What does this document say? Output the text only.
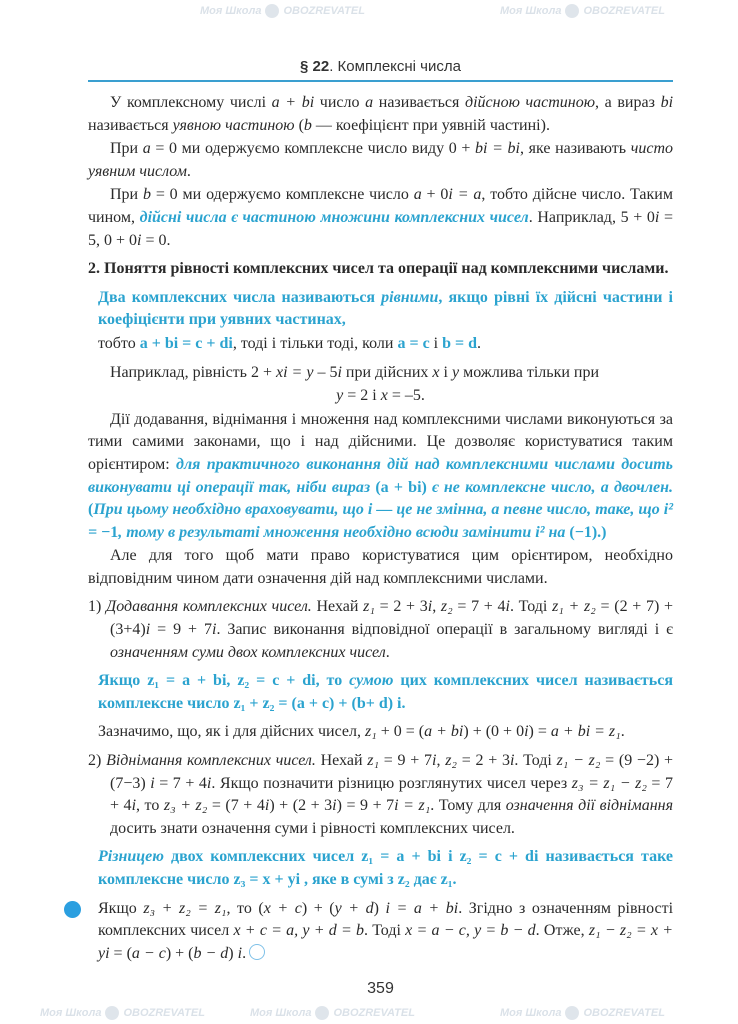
Моя Школа OBOZREVATEL	Моя Школа OBOZREVATEL
Моя Школа OBOZREVATEL	Моя Школа OBOZREVATEL	Моя Школа OBOZREVATEL
§ 22. Комплексні числа

У комплексному числі a + bi число a називається дійсною частиною, а вираз bi називається уявною частиною (b — коефіцієнт при уявній частині).

При a = 0 ми одержуємо комплексне число виду 0 + bi = bi, яке називають чисто уявним числом.

При b = 0 ми одержуємо комплексне число a + 0i = a, тобто дійсне число. Таким чином, дійсні числа є частиною множини комплексних чисел. Наприклад, 5 + 0i = 5, 0 + 0i = 0.

2. Поняття рівності комплексних чисел та операції над комплексними числами.

Два комплексних числа називаються рівними, якщо рівні їх дійсні частини і коефіцієнти при уявних частинах,

тобто a + bi = c + di, тоді і тільки тоді, коли a = c і b = d.

Наприклад, рівність 2 + xi = y – 5i при дійсних x і y можлива тільки при

y = 2 і x = –5.

Дії додавання, віднімання і множення над комплексними числами виконуються за тими самими законами, що і над дійсними. Це дозволяє користуватися таким орієнтиром: для практичного виконання дій над комплексними числами досить виконувати ці операції так, ніби вираз (a + bi) є не комплексне число, а двочлен. (При цьому необхідно враховувати, що i — це не змінна, а певне число, таке, що i² = −1, тому в результаті множення необхідно всюди замінити i² на (−1).)

Але для того щоб мати право користуватися цим орієнтиром, необхідно відповідним чином дати означення дій над комплексними числами.

1) Додавання комплексних чисел. Нехай z₁ = 2 + 3i, z₂ = 7 + 4i. Тоді z₁ + z₂ = (2 + 7) + (3+4)i = 9 + 7i. Запис виконання відповідної операції в загальному вигляді і є означенням суми двох комплексних чисел.

Якщо z₁ = a + bi, z₂ = c + di, то сумою цих комплексних чисел називається комплексне число z₁ + z₂ = (a + c) + (b+ d) i.

Зазначимо, що, як і для дійсних чисел, z₁ + 0 = (a + bi) + (0 + 0i) = a + bi = z₁.

2) Віднімання комплексних чисел. Нехай z₁ = 9 + 7i, z₂ = 2 + 3i. Тоді z₁ − z₂ = (9 −2) + (7−3) i = 7 + 4i. Якщо позначити різницю розглянутих чисел через z₃ = z₁ − z₂ = 7 + 4i, то z₃ + z₂ = (7 + 4i) + (2 + 3i) = 9 + 7i = z₁. Тому для означення дії віднімання досить знати означення суми і рівності комплексних чисел.

Різницею двох комплексних чисел z₁ = a + bi і z₂ = c + di називається таке комплексне число z₃ = x + yi , яке в сумі з z₂ дає z₁.

Якщо z₃ + z₂ = z₁, то (x + c) + (y + d) i = a + bi. Згідно з означенням рівності комплексних чисел x + c = a, y + d = b. Тоді x = a − c, y = b − d. Отже, z₁ − z₂ = x + yi = (a − c) + (b − d) i.

359
